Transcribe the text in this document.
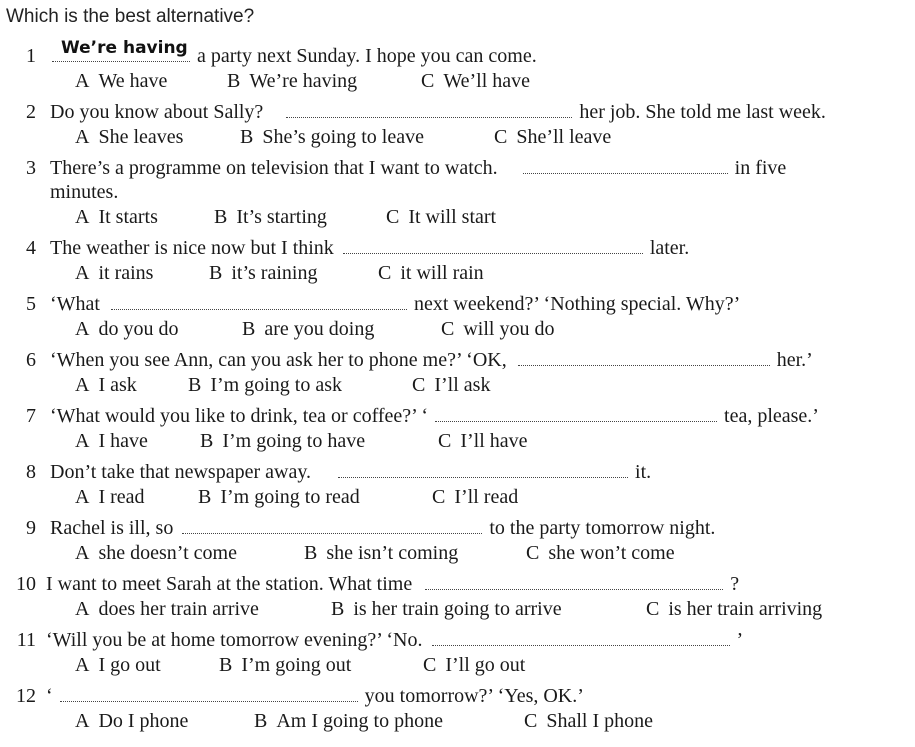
Which is the best alternative?
1 We’re having a party next Sunday. I hope you can come.
A We have	B We’re having	C We’ll have
2 Do you know about Sally?	her job. She told me last week.
A She leaves	B She’s going to leave	C She’ll leave
3 There’s a programme on television that I want to watch.	in five
minutes.
A It starts	B It’s starting	C It will start
4 The weather is nice now but I think	later.
A it rains	B it’s raining	C it will rain
5 ‘What	next weekend?’ ‘Nothing special. Why?’
A do you do	B are you doing	C will you do
6 ‘When you see Ann, can you ask her to phone me?’ ‘OK,	her.’
A I ask	B I’m going to ask	C I’ll ask
7 ‘What would you like to drink, tea or coffee?’ ‘	tea, please.’
A I have	B I’m going to have	C I’ll have
8 Don’t take that newspaper away.	it.
A I read	B I’m going to read	C I’ll read
9 Rachel is ill, so	to the party tomorrow night.
A she doesn’t come	B she isn’t coming	C she won’t come
10 I want to meet Sarah at the station. What time	?
A does her train arrive	B is her train going to arrive	C is her train arriving
11 ‘Will you be at home tomorrow evening?’ ‘No.	’
A I go out	B I’m going out	C I’ll go out
12 ‘	you tomorrow?’ ‘Yes, OK.’
A Do I phone	B Am I going to phone	C Shall I phone
